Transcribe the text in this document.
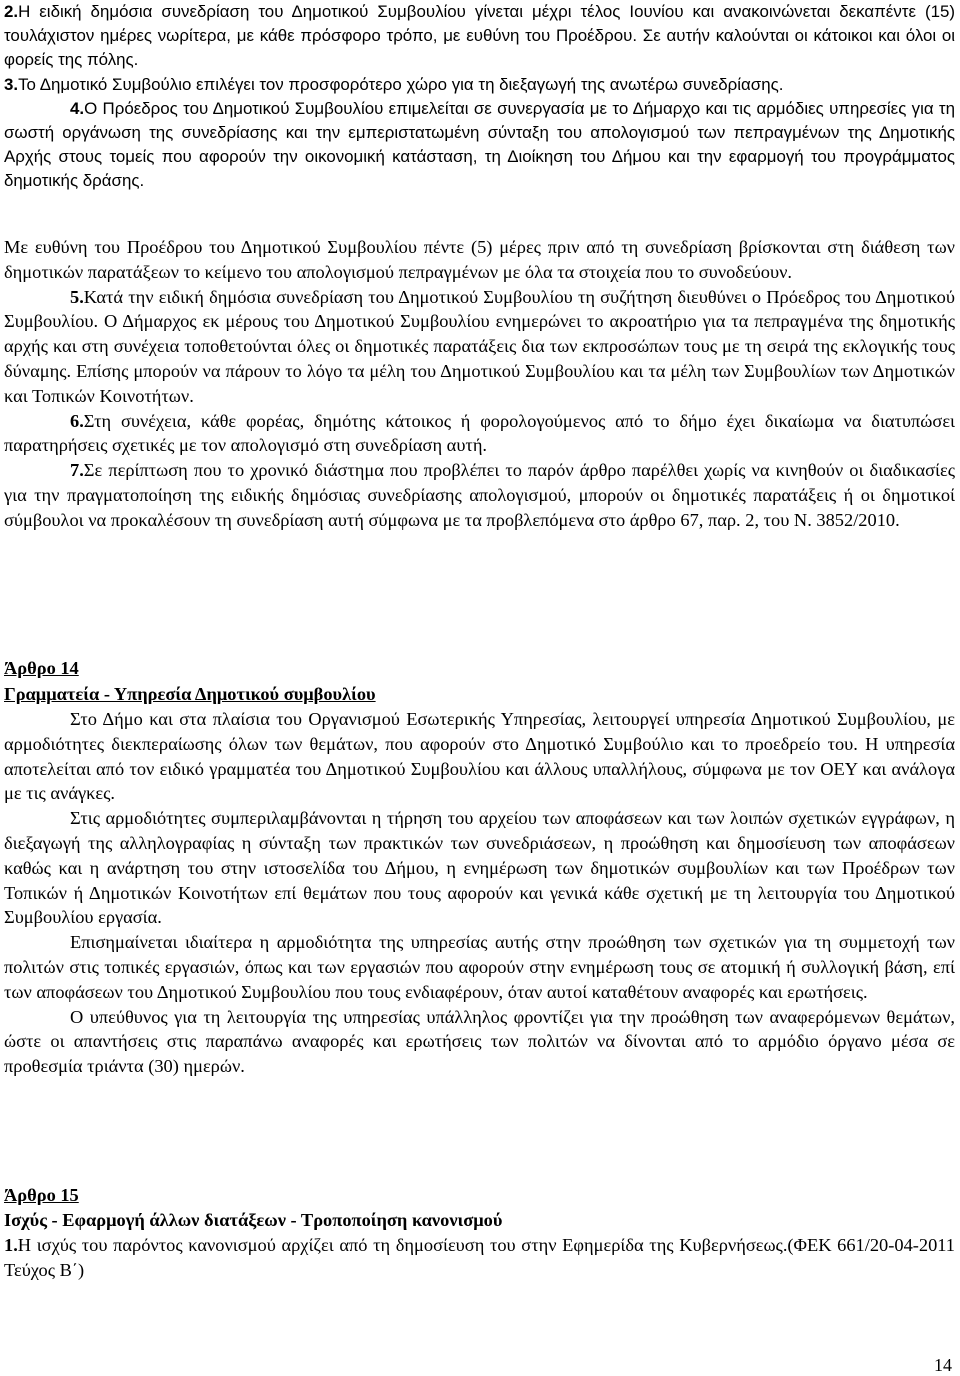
2.Η ειδική δημόσια συνεδρίαση του Δημοτικού Συμβουλίου γίνεται μέχρι τέλος Ιουνίου και ανακοινώνεται δεκαπέντε (15) τουλάχιστον ημέρες νωρίτερα, με κάθε πρόσφορο τρόπο, με ευθύνη του Προέδρου. Σε αυτήν καλούνται οι κάτοικοι και όλοι οι φορείς της πόλης.

3.Το Δημοτικό Συμβούλιο επιλέγει τον προσφορότερο χώρο για τη διεξαγωγή της ανωτέρω συνεδρίασης.

4.Ο Πρόεδρος του Δημοτικού Συμβουλίου επιμελείται σε συνεργασία με το Δήμαρχο και τις αρμόδιες υπηρεσίες για τη σωστή οργάνωση της συνεδρίασης και την εμπεριστατωμένη σύνταξη του απολογισμού των πεπραγμένων της Δημοτικής Αρχής στους τομείς που αφορούν την οικονομική κατάσταση, τη Διοίκηση του Δήμου και την εφαρμογή του προγράμματος δημοτικής δράσης.

Με ευθύνη του Προέδρου του Δημοτικού Συμβουλίου πέντε (5) μέρες πριν από τη συνεδρίαση βρίσκονται στη διάθεση των δημοτικών παρατάξεων το κείμενο του απολογισμού πεπραγμένων με όλα τα στοιχεία που το συνοδεύουν.

5.Κατά την ειδική δημόσια συνεδρίαση του Δημοτικού Συμβουλίου τη συζήτηση διευθύνει ο Πρόεδρος του Δημοτικού Συμβουλίου. Ο Δήμαρχος εκ μέρους του Δημοτικού Συμβουλίου ενημερώνει το ακροατήριο για τα πεπραγμένα της δημοτικής αρχής και στη συνέχεια τοποθετούνται όλες οι δημοτικές παρατάξεις δια των εκπροσώπων τους με τη σειρά της εκλογικής τους δύναμης. Επίσης μπορούν να πάρουν το λόγο τα μέλη του Δημοτικού Συμβουλίου και τα μέλη των Συμβουλίων των Δημοτικών και Τοπικών Κοινοτήτων.

6.Στη συνέχεια, κάθε φορέας, δημότης κάτοικος ή φορολογούμενος από το δήμο έχει δικαίωμα να διατυπώσει παρατηρήσεις σχετικές με τον απολογισμό στη συνεδρίαση αυτή.

7.Σε περίπτωση που το χρονικό διάστημα που προβλέπει το παρόν άρθρο παρέλθει χωρίς να κινηθούν οι διαδικασίες για την πραγματοποίηση της ειδικής δημόσιας συνεδρίασης απολογισμού, μπορούν οι δημοτικές παρατάξεις ή οι δημοτικοί σύμβουλοι να προκαλέσουν τη συνεδρίαση αυτή σύμφωνα με τα προβλεπόμενα στο άρθρο 67, παρ. 2, του Ν. 3852/2010.

Άρθρο 14
Γραμματεία - Υπηρεσία Δημοτικού συμβουλίου

Στο Δήμο και στα πλαίσια του Οργανισμού Εσωτερικής Υπηρεσίας, λειτουργεί υπηρεσία Δημοτικού Συμβουλίου, με αρμοδιότητες διεκπεραίωσης όλων των θεμάτων, που αφορούν στο Δημοτικό Συμβούλιο και το προεδρείο του. Η υπηρεσία αποτελείται από τον ειδικό γραμματέα του Δημοτικού Συμβουλίου και άλλους υπαλλήλους, σύμφωνα με τον ΟΕΥ και ανάλογα με τις ανάγκες.

Στις αρμοδιότητες συμπεριλαμβάνονται η τήρηση του αρχείου των αποφάσεων και των λοιπών σχετικών εγγράφων, η διεξαγωγή της αλληλογραφίας η σύνταξη των πρακτικών των συνεδριάσεων, η προώθηση και δημοσίευση των αποφάσεων καθώς και η ανάρτηση του στην ιστοσελίδα του Δήμου, η ενημέρωση των δημοτικών συμβουλίων και των Προέδρων των Τοπικών ή Δημοτικών Κοινοτήτων επί θεμάτων που τους αφορούν και γενικά κάθε σχετική με τη λειτουργία του Δημοτικού Συμβουλίου εργασία.

Επισημαίνεται ιδιαίτερα η αρμοδιότητα της υπηρεσίας αυτής στην προώθηση των σχετικών για τη συμμετοχή των πολιτών στις τοπικές εργασιών, όπως και των εργασιών που αφορούν στην ενημέρωση τους σε ατομική ή συλλογική βάση, επί των αποφάσεων του Δημοτικού Συμβουλίου που τους ενδιαφέρουν, όταν αυτοί καταθέτουν αναφορές και ερωτήσεις.

Ο υπεύθυνος για τη λειτουργία της υπηρεσίας υπάλληλος φροντίζει για την προώθηση των αναφερόμενων θεμάτων, ώστε οι απαντήσεις στις παραπάνω αναφορές και ερωτήσεις των πολιτών να δίνονται από το αρμόδιο όργανο μέσα σε προθεσμία τριάντα (30) ημερών.

Άρθρο 15
Ισχύς - Εφαρμογή άλλων διατάξεων - Τροποποίηση κανονισμού

1.Η ισχύς του παρόντος κανονισμού αρχίζει από τη δημοσίευση του στην Εφημερίδα της Κυβερνήσεως.(ΦΕΚ 661/20-04-2011 Τεύχος Β΄)

14
